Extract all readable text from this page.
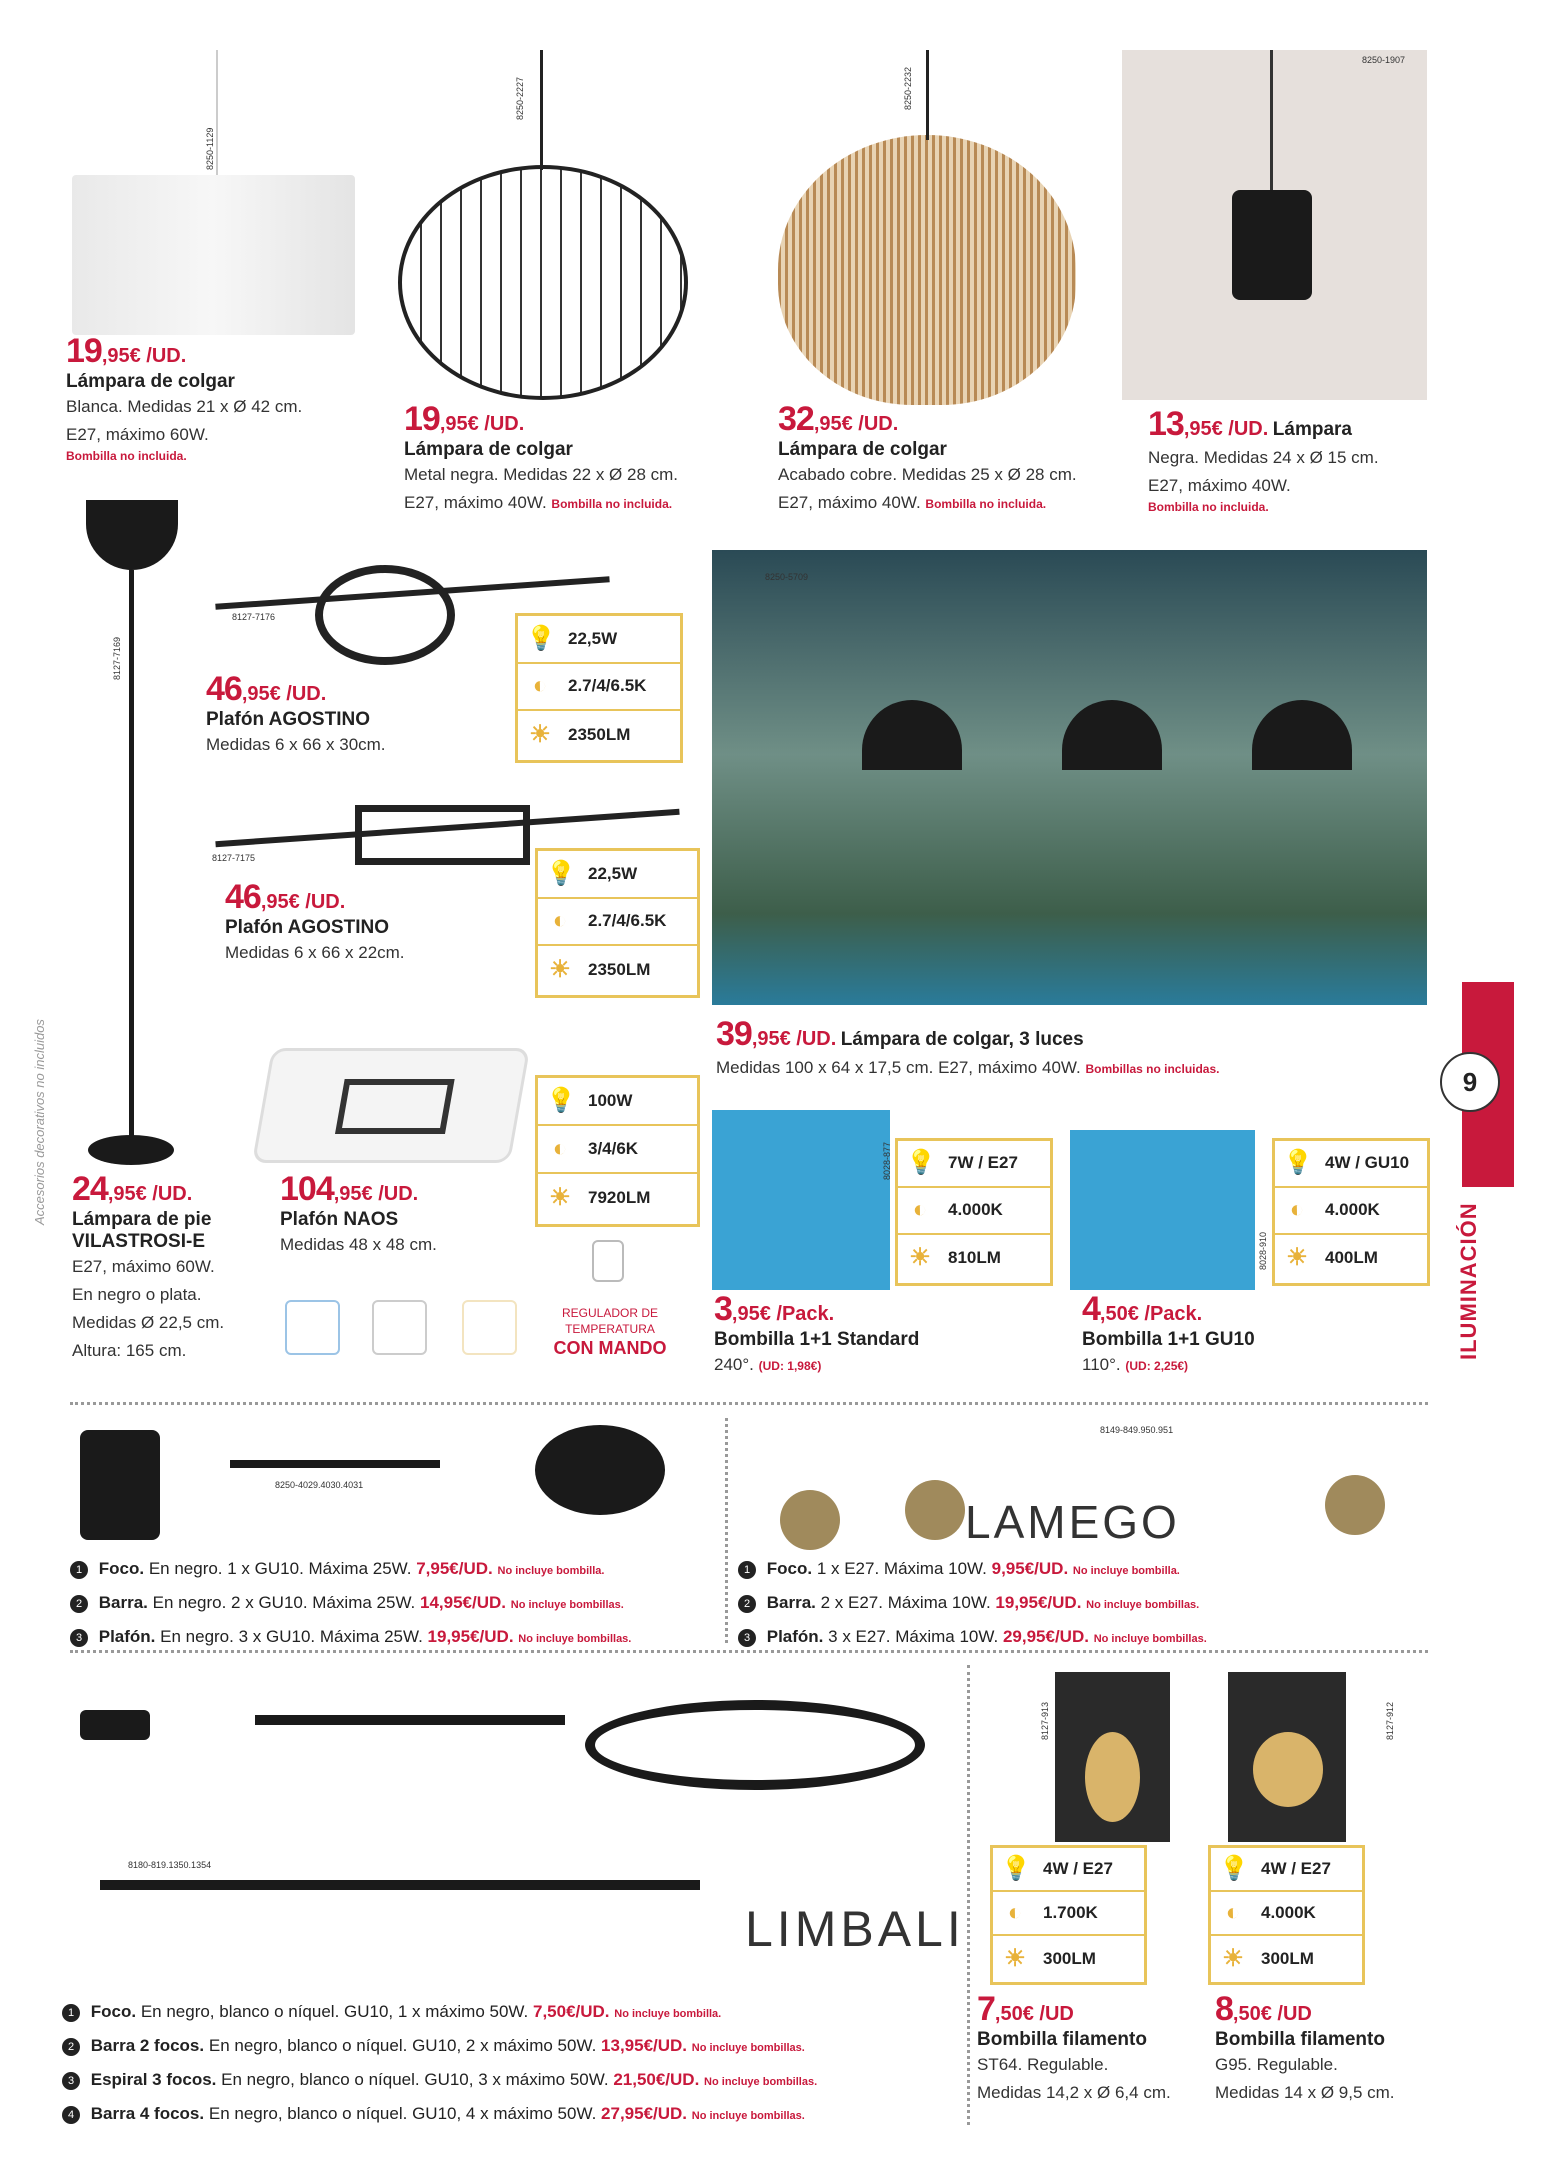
REGULADOR DE
TEMPERATURA
CON MANDO
LAMEGO
LIMBALI
8250-4029.4030.4031
8149-849.950.951
8180-819.1350.1354
8250-1129
8250-2227	8250-2232
8250-1907
8127-7169
8127-7176
8127-7175
8250-5709
8028-877
8028-910
8127-913	8127-912
19,95€ /UD.
Lámpara de colgar
Blanca. Medidas 21 x Ø 42 cm.
E27, máximo 60W.
Bombilla no incluida.
19,95€ /UD.
Lámpara de colgar
Metal negra. Medidas 22 x Ø 28 cm.
E27, máximo 40W. Bombilla no incluida.
32,95€ /UD.
Lámpara de colgar
Acabado cobre. Medidas 25 x Ø 28 cm.
E27, máximo 40W. Bombilla no incluida.
13,95€ /UD. Lámpara
Negra. Medidas 24 x Ø 15 cm.
E27, máximo 40W.
Bombilla no incluida.
24,95€ /UD.
Lámpara de pie
VILASTROSI-E
E27, máximo 60W.
En negro o plata.
Medidas Ø 22,5 cm.
Altura: 165 cm.
46,95€ /UD.
Plafón AGOSTINO
Medidas 6 x 66 x 30cm.
46,95€ /UD.
Plafón AGOSTINO
Medidas 6 x 66 x 22cm.
104,95€ /UD.
Plafón NAOS
Medidas 48 x 48 cm.
39,95€ /UD. Lámpara de colgar, 3 luces
Medidas 100 x 64 x 17,5 cm. E27, máximo 40W. Bombillas no incluidas.
3,95€ /Pack.
Bombilla 1+1 Standard
240°. (UD: 1,98€)
4,50€ /Pack.
Bombilla 1+1 GU10
110°. (UD: 2,25€)
7,50€ /UD
Bombilla filamento
ST64. Regulable.
Medidas 14,2 x Ø 6,4 cm.
8,50€ /UD
Bombilla filamento
G95. Regulable.
Medidas 14 x Ø 9,5 cm.
💡 22,5W
◐	2.7/4/6.5K
☀ 2350LM
💡 22,5W
◐	2.7/4/6.5K
☀ 2350LM
💡 100W
◐	3/4/6K
☀ 7920LM
💡 7W / E27
◐	4.000K
☀ 810LM
💡 4W / GU10
◐	4.000K
☀ 400LM
💡 4W / E27
◐	1.700K
☀ 300LM
💡 4W / E27
◐	4.000K
☀ 300LM
1 Foco. En negro. 1 x GU10. Máxima 25W. 7,95€/UD. No incluye bombilla.
2 Barra. En negro. 2 x GU10. Máxima 25W. 14,95€/UD. No incluye bombillas.
3 Plafón. En negro. 3 x GU10. Máxima 25W. 19,95€/UD. No incluye bombillas.
1 Foco. 1 x E27. Máxima 10W. 9,95€/UD. No incluye bombilla.
2 Barra. 2 x E27. Máxima 10W. 19,95€/UD. No incluye bombillas.
3 Plafón. 3 x E27. Máxima 10W. 29,95€/UD. No incluye bombillas.
1 Foco. En negro, blanco o níquel. GU10, 1 x máximo 50W. 7,50€/UD. No incluye bombilla.
2 Barra 2 focos. En negro, blanco o níquel. GU10, 2 x máximo 50W. 13,95€/UD. No incluye bombillas.
3 Espiral 3 focos. En negro, blanco o níquel. GU10, 3 x máximo 50W. 21,50€/UD. No incluye bombillas.
4 Barra 4 focos. En negro, blanco o níquel. GU10, 4 x máximo 50W. 27,95€/UD. No incluye bombillas.
9
ILUMINACIÓN
Accesorios decorativos no incluidos
